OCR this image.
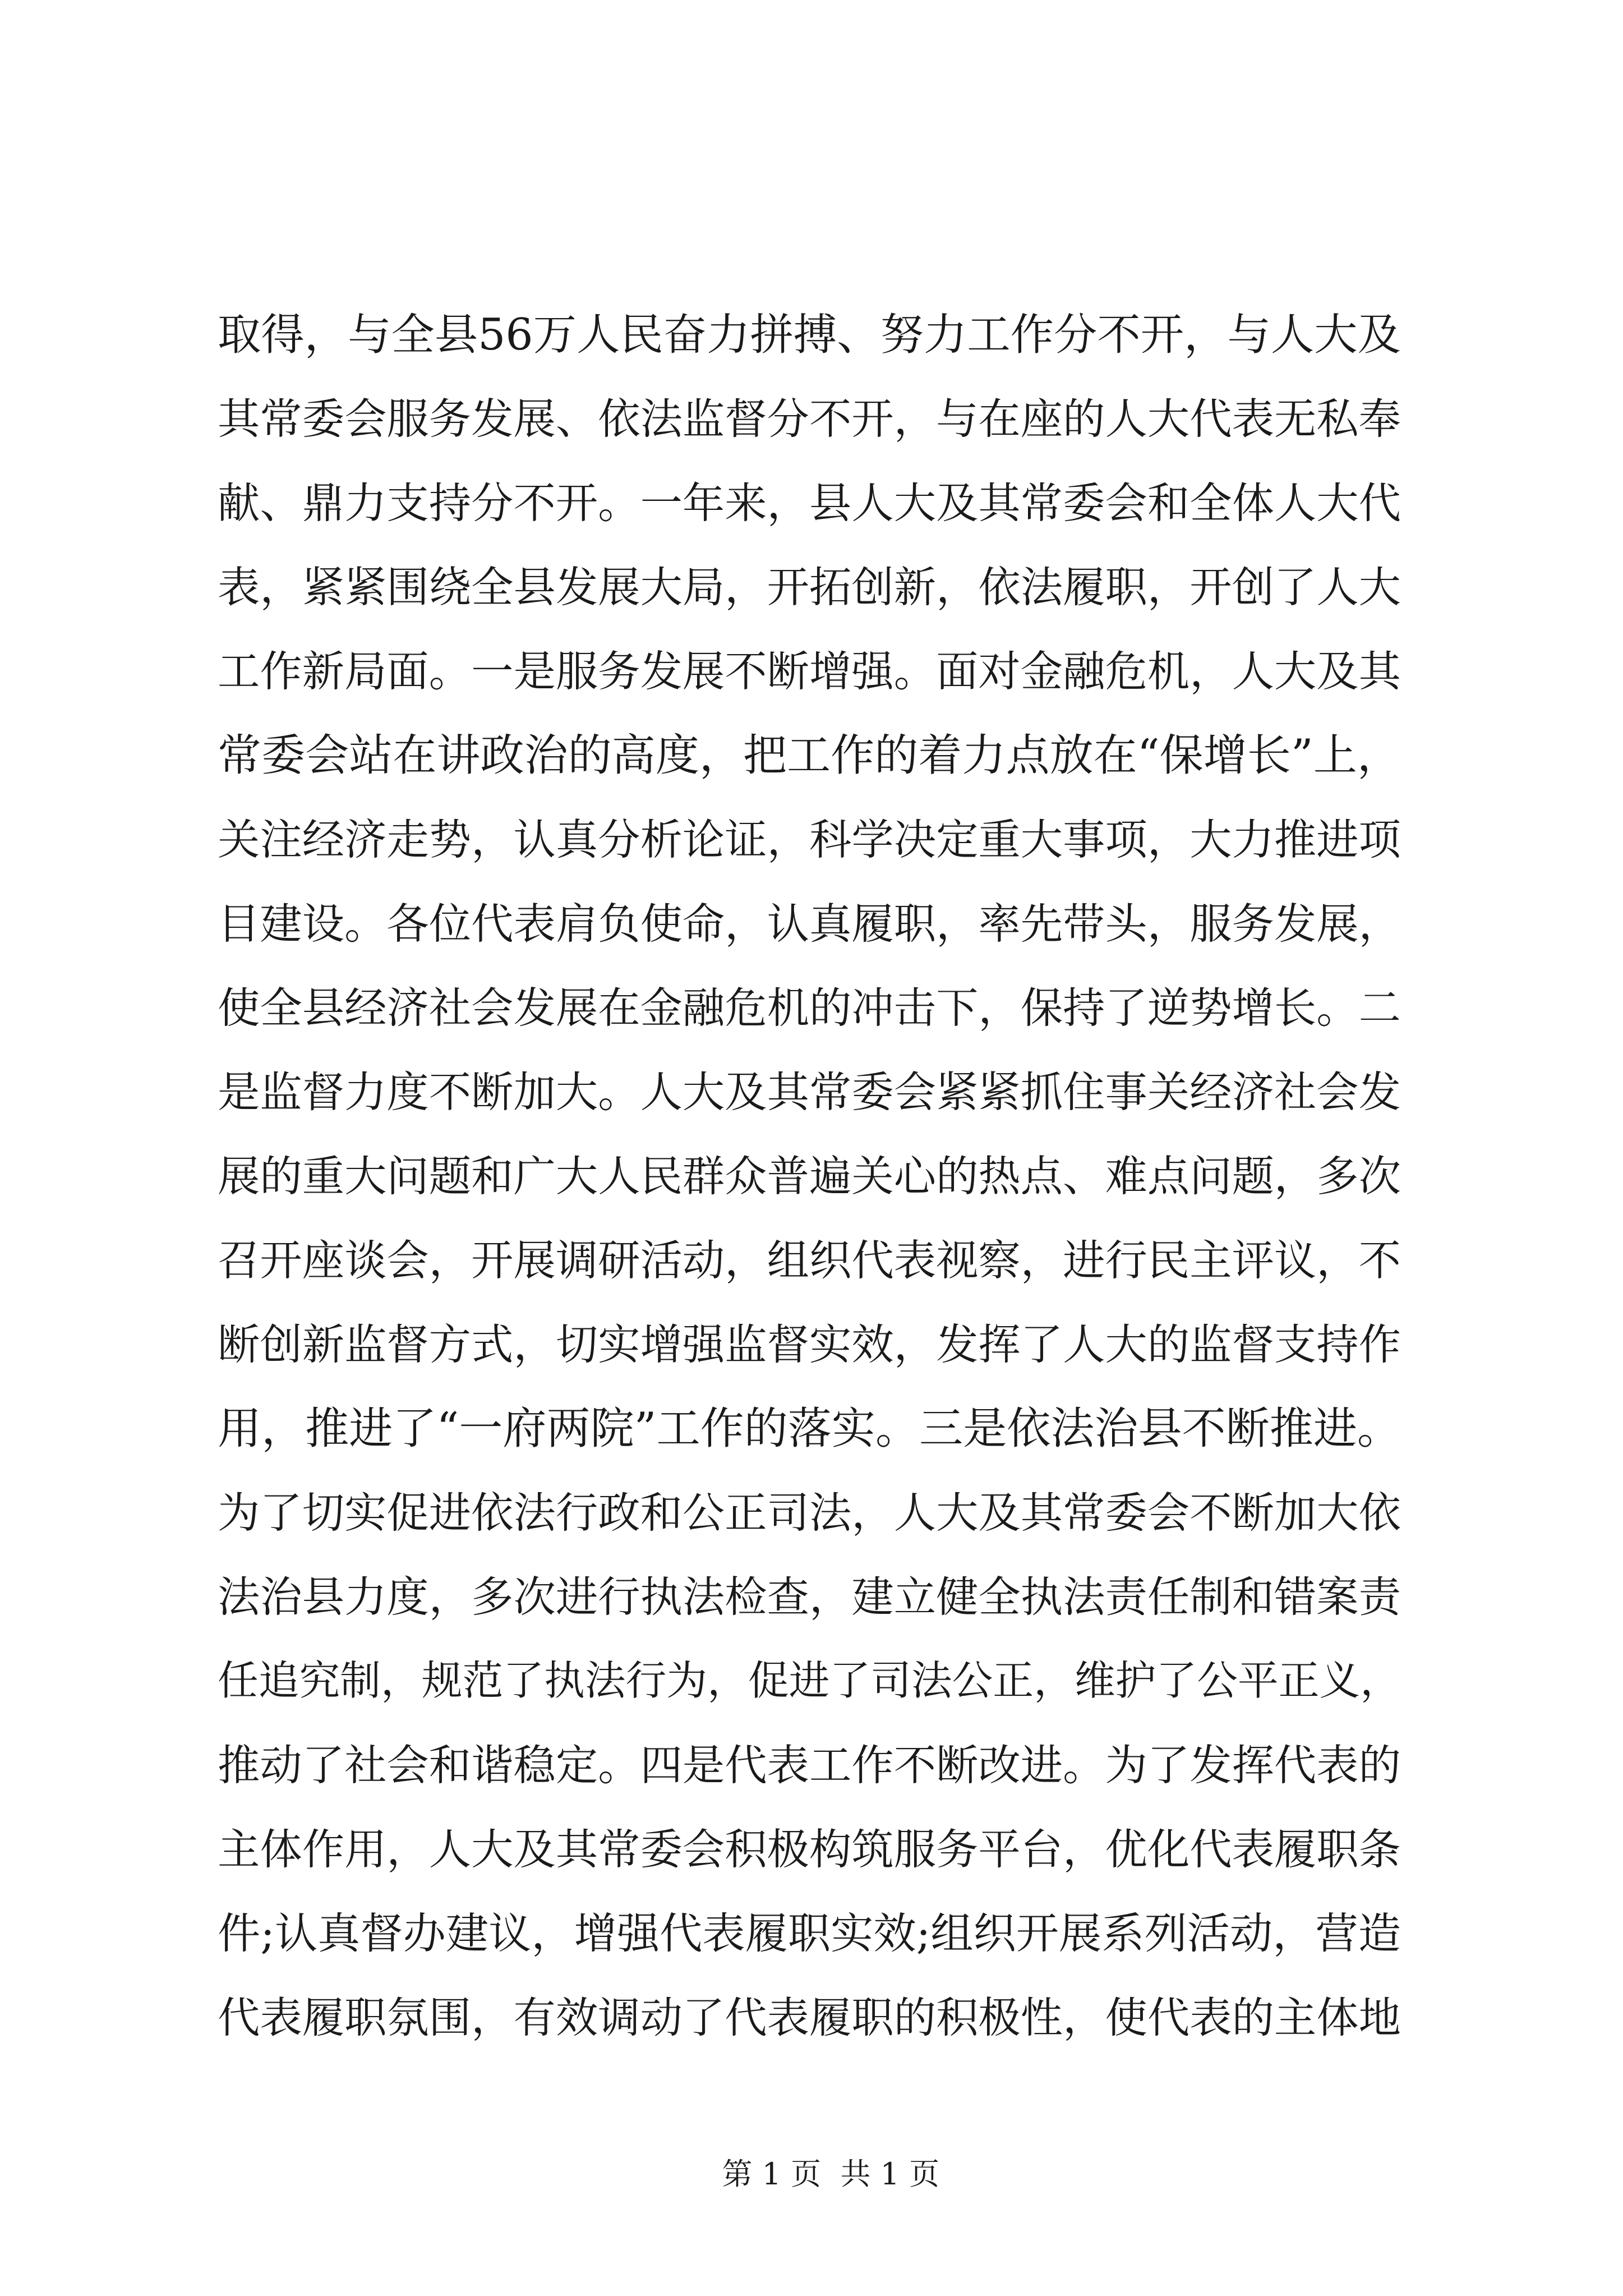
取得，与全县56万人民奋力拼搏、努力工作分不开，与人大及
其常委会服务发展、依法监督分不开，与在座的人大代表无私奉
献、鼎力支持分不开。一年来，县人大及其常委会和全体人大代
表，紧紧围绕全县发展大局，开拓创新，依法履职，开创了人大
工作新局面。一是服务发展不断增强。面对金融危机，人大及其
常委会站在讲政治的高度，把工作的着力点放在“保增长”上，
关注经济走势，认真分析论证，科学决定重大事项，大力推进项
目建设。各位代表肩负使命，认真履职，率先带头，服务发展，
使全县经济社会发展在金融危机的冲击下，保持了逆势增长。二
是监督力度不断加大。人大及其常委会紧紧抓住事关经济社会发
展的重大问题和广大人民群众普遍关心的热点、难点问题，多次
召开座谈会，开展调研活动，组织代表视察，进行民主评议，不
断创新监督方式，切实增强监督实效，发挥了人大的监督支持作
用，推进了“一府两院”工作的落实。三是依法治县不断推进。
为了切实促进依法行政和公正司法，人大及其常委会不断加大依
法治县力度，多次进行执法检查，建立健全执法责任制和错案责
任追究制，规范了执法行为，促进了司法公正，维护了公平正义，
推动了社会和谐稳定。四是代表工作不断改进。为了发挥代表的
主体作用，人大及其常委会积极构筑服务平台，优化代表履职条
件;认真督办建议，增强代表履职实效;组织开展系列活动，营造
代表履职氛围，有效调动了代表履职的积极性，使代表的主体地

第 1 页  共 1 页
